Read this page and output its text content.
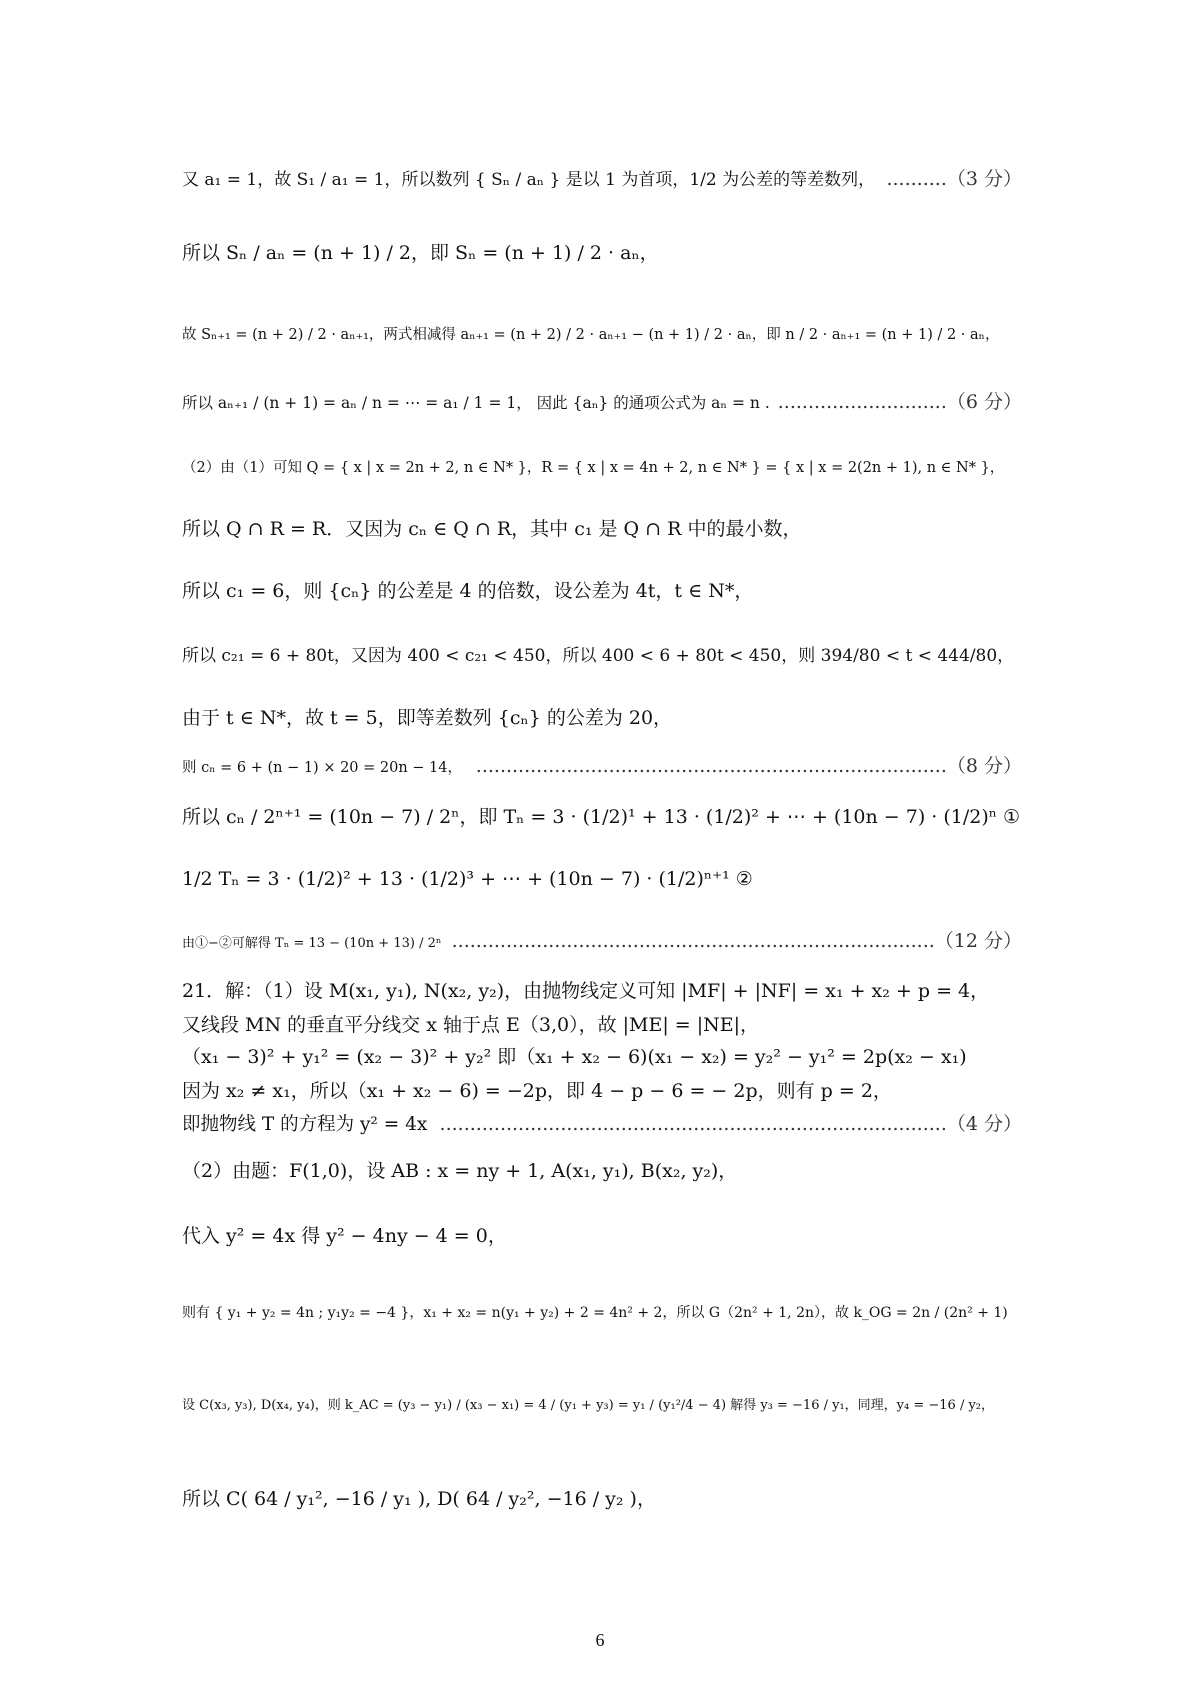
又 a₁ = 1，故 S₁ / a₁ = 1，所以数列 { Sₙ / aₙ } 是以 1 为首项，1/2 为公差的等差数列， ..........（3 分）
所以 Sₙ / aₙ = (n + 1) / 2，即 Sₙ = (n + 1) / 2 · aₙ，
故 Sₙ₊₁ = (n + 2) / 2 · aₙ₊₁，两式相减得 aₙ₊₁ = (n + 2) / 2 · aₙ₊₁ − (n + 1) / 2 · aₙ，即 n / 2 · aₙ₊₁ = (n + 1) / 2 · aₙ，
所以 aₙ₊₁ / (n + 1) = aₙ / n = ⋯ = a₁ / 1 = 1， 因此 {aₙ} 的通项公式为 aₙ = n . ............................（6 分）
（2）由（1）可知 Q = { x | x = 2n + 2, n ∈ N* }，R = { x | x = 4n + 2, n ∈ N* } = { x | x = 2(2n + 1), n ∈ N* }，
所以 Q ∩ R = R．又因为 cₙ ∈ Q ∩ R，其中 c₁ 是 Q ∩ R 中的最小数，
所以 c₁ = 6，则 {cₙ} 的公差是 4 的倍数，设公差为 4t，t ∈ N*，
所以 c₂₁ = 6 + 80t，又因为 400 < c₂₁ < 450，所以 400 < 6 + 80t < 450，则 394/80 < t < 444/80，
由于 t ∈ N*，故 t = 5，即等差数列 {cₙ} 的公差为 20，
则 cₙ = 6 + (n − 1) × 20 = 20n − 14， ..............................................................................（8 分）
所以 cₙ / 2ⁿ⁺¹ = (10n − 7) / 2ⁿ，即 Tₙ = 3 · (1/2)¹ + 13 · (1/2)² + ⋯ + (10n − 7) · (1/2)ⁿ ①
1/2 Tₙ = 3 · (1/2)² + 13 · (1/2)³ + ⋯ + (10n − 7) · (1/2)ⁿ⁺¹ ②
由①−②可解得 Tₙ = 13 − (10n + 13) / 2ⁿ ................................................................................（12 分）
21．解：（1）设 M(x₁, y₁), N(x₂, y₂)，由抛物线定义可知 |MF| + |NF| = x₁ + x₂ + p = 4，
又线段 MN 的垂直平分线交 x 轴于点 E（3,0），故 |ME| = |NE|，
（x₁ − 3)² + y₁² = (x₂ − 3)² + y₂² 即（x₁ + x₂ − 6)(x₁ − x₂) = y₂² − y₁² = 2p(x₂ − x₁)
因为 x₂ ≠ x₁，所以（x₁ + x₂ − 6) = −2p，即 4 − p − 6 = − 2p，则有 p = 2，
即抛物线 T 的方程为 y² = 4x ....................................................................................（4 分）
（2）由题：F(1,0)，设 AB : x = ny + 1, A(x₁, y₁), B(x₂, y₂)，
代入 y² = 4x 得 y² − 4ny − 4 = 0，
则有 { y₁ + y₂ = 4n ; y₁y₂ = −4 }，x₁ + x₂ = n(y₁ + y₂) + 2 = 4n² + 2，所以 G（2n² + 1, 2n），故 k_OG = 2n / (2n² + 1)
设 C(x₃, y₃), D(x₄, y₄)，则 k_AC = (y₃ − y₁) / (x₃ − x₁) = 4 / (y₁ + y₃) = y₁ / (y₁²/4 − 4) 解得 y₃ = −16 / y₁，同理，y₄ = −16 / y₂，
所以 C( 64 / y₁², −16 / y₁ ), D( 64 / y₂², −16 / y₂ )，
6
